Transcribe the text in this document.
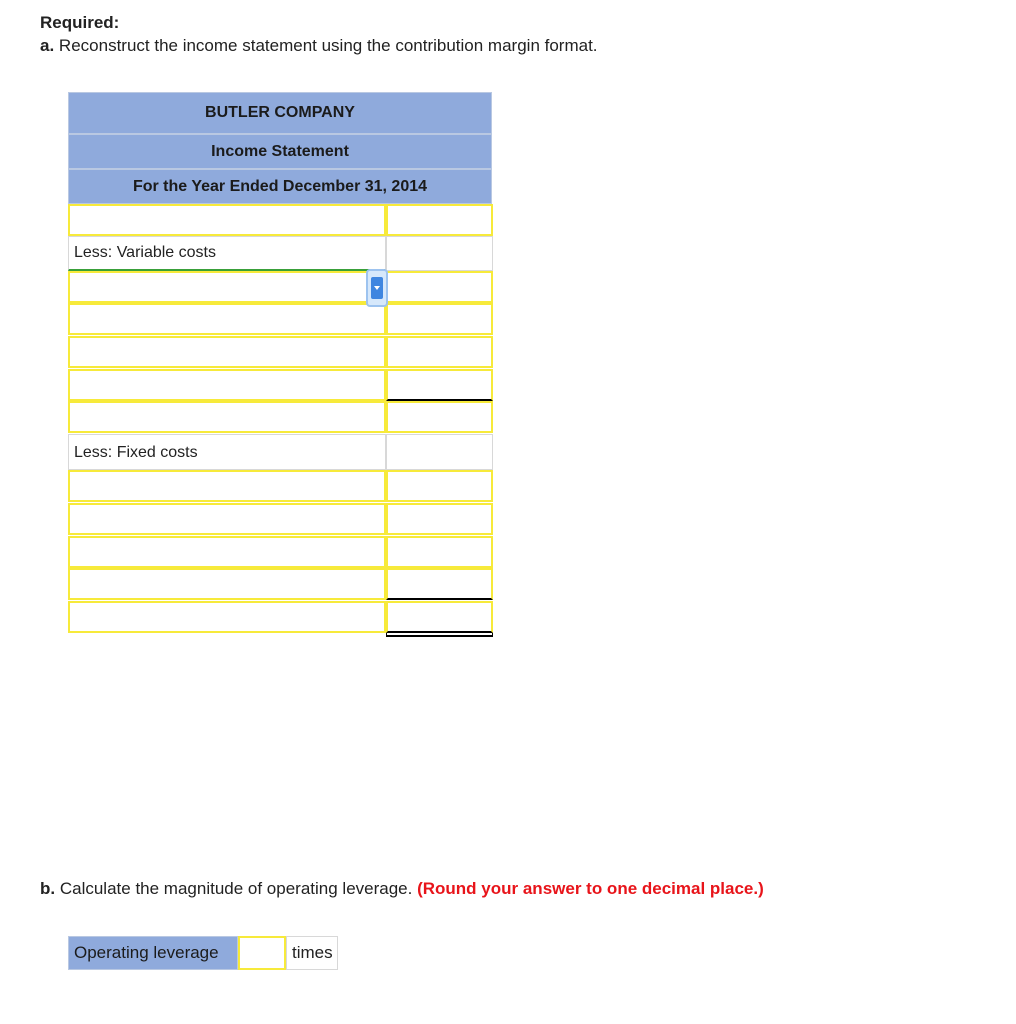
Required:
a. Reconstruct the income statement using the contribution margin format.
BUTLER COMPANY
Income Statement
For the Year Ended December 31, 2014
Less: Variable costs
Less: Fixed costs
b. Calculate the magnitude of operating leverage. (Round your answer to one decimal place.)
Operating leverage	times
